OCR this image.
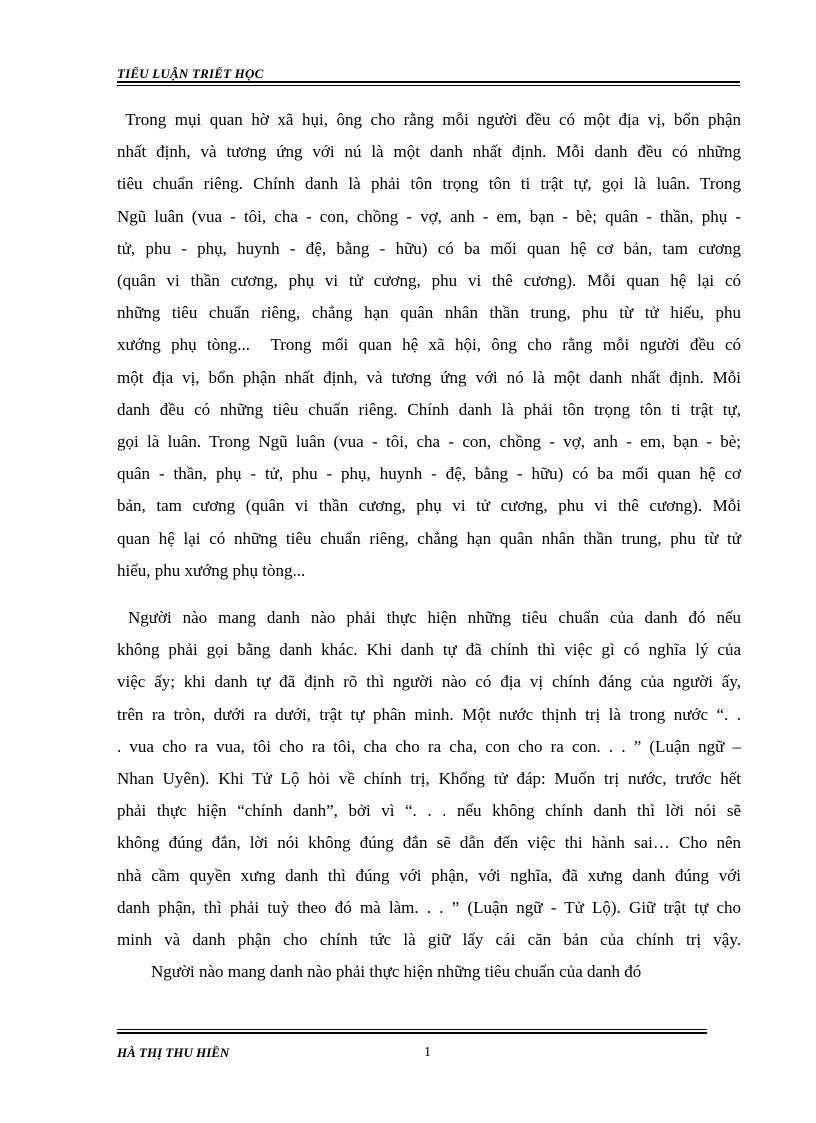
TIỂU LUẬN TRIẾT HỌC

Trong mụi quan hờ xã hụi, ông cho rằng mỗi người đều có một địa vị, bổn phận

nhất định, và tương ứng với nú là một danh nhất định. Mỗi danh đều có những

tiêu chuẩn riêng. Chính danh là phải tôn trọng tôn ti trật tự, gọi là luân. Trong

Ngũ luân (vua - tôi, cha - con, chồng - vợ, anh - em, bạn - bè; quân - thần, phụ -

tử, phu - phụ, huynh - đệ, bằng - hữu) có ba mối quan hệ cơ bản, tam cương

(quân vi thần cương, phụ vi tử cương, phu vi thê cương). Mỗi quan hệ lại có

những tiêu chuẩn riêng, chẳng hạn quân nhân thần trung, phu từ tử hiếu, phu

xướng phụ tòng...  Trong mối quan hệ xã hội, ông cho rằng mỗi người đều có

một địa vị, bổn phận nhất định, và tương ứng với nó là một danh nhất định. Mỗi

danh đều có những tiêu chuẩn riêng. Chính danh là phải tôn trọng tôn ti trật tự,

gọi là luân. Trong Ngũ luân (vua - tôi, cha - con, chồng - vợ, anh - em, bạn - bè;

quân - thần, phụ - tử, phu - phụ, huynh - đệ, bằng - hữu) có ba mối quan hệ cơ

bản, tam cương (quân vi thần cương, phụ vi tử cương, phu vi thê cương). Mỗi

quan hệ lại có những tiêu chuẩn riêng, chẳng hạn quân nhân thần trung, phu từ tử

hiếu, phu xướng phụ tòng...

Người nào mang danh nào phải thực hiện những tiêu chuẩn của danh đó nếu

không phải gọi bằng danh khác. Khi danh tự đã chính thì việc gì có nghĩa lý của

việc ấy; khi danh tự đã định rõ thì người nào có địa vị chính đáng của người ấy,

trên ra tròn, dưới ra dưới, trật tự phân minh. Một nước thịnh trị là trong nước “. .

. vua cho ra vua, tôi cho ra tôi, cha cho ra cha, con cho ra con. . . ” (Luận ngữ –

Nhan Uyên). Khi Tử Lộ hỏi về chính trị, Khổng tử đáp: Muốn trị nước, trước hết

phải thực hiện “chính danh”, bởi vì “. . . nếu không chính danh thì lời nói sẽ

không đúng đắn, lời nói không đúng đắn sẽ dẫn đến việc thi hành sai… Cho nên

nhà cầm quyền xưng danh thì đúng với phận, với nghĩa, đã xưng danh đúng với

danh phận, thì phải tuỳ theo đó mà làm. . . ” (Luận ngữ - Tử Lộ). Giữ trật tự cho

minh và danh phận cho chính tức là giữ lấy cái căn bản của chính trị vậy.

Người nào mang danh nào phải thực hiện những tiêu chuẩn của danh đó

HÀ THỊ THU HIỀN	1
